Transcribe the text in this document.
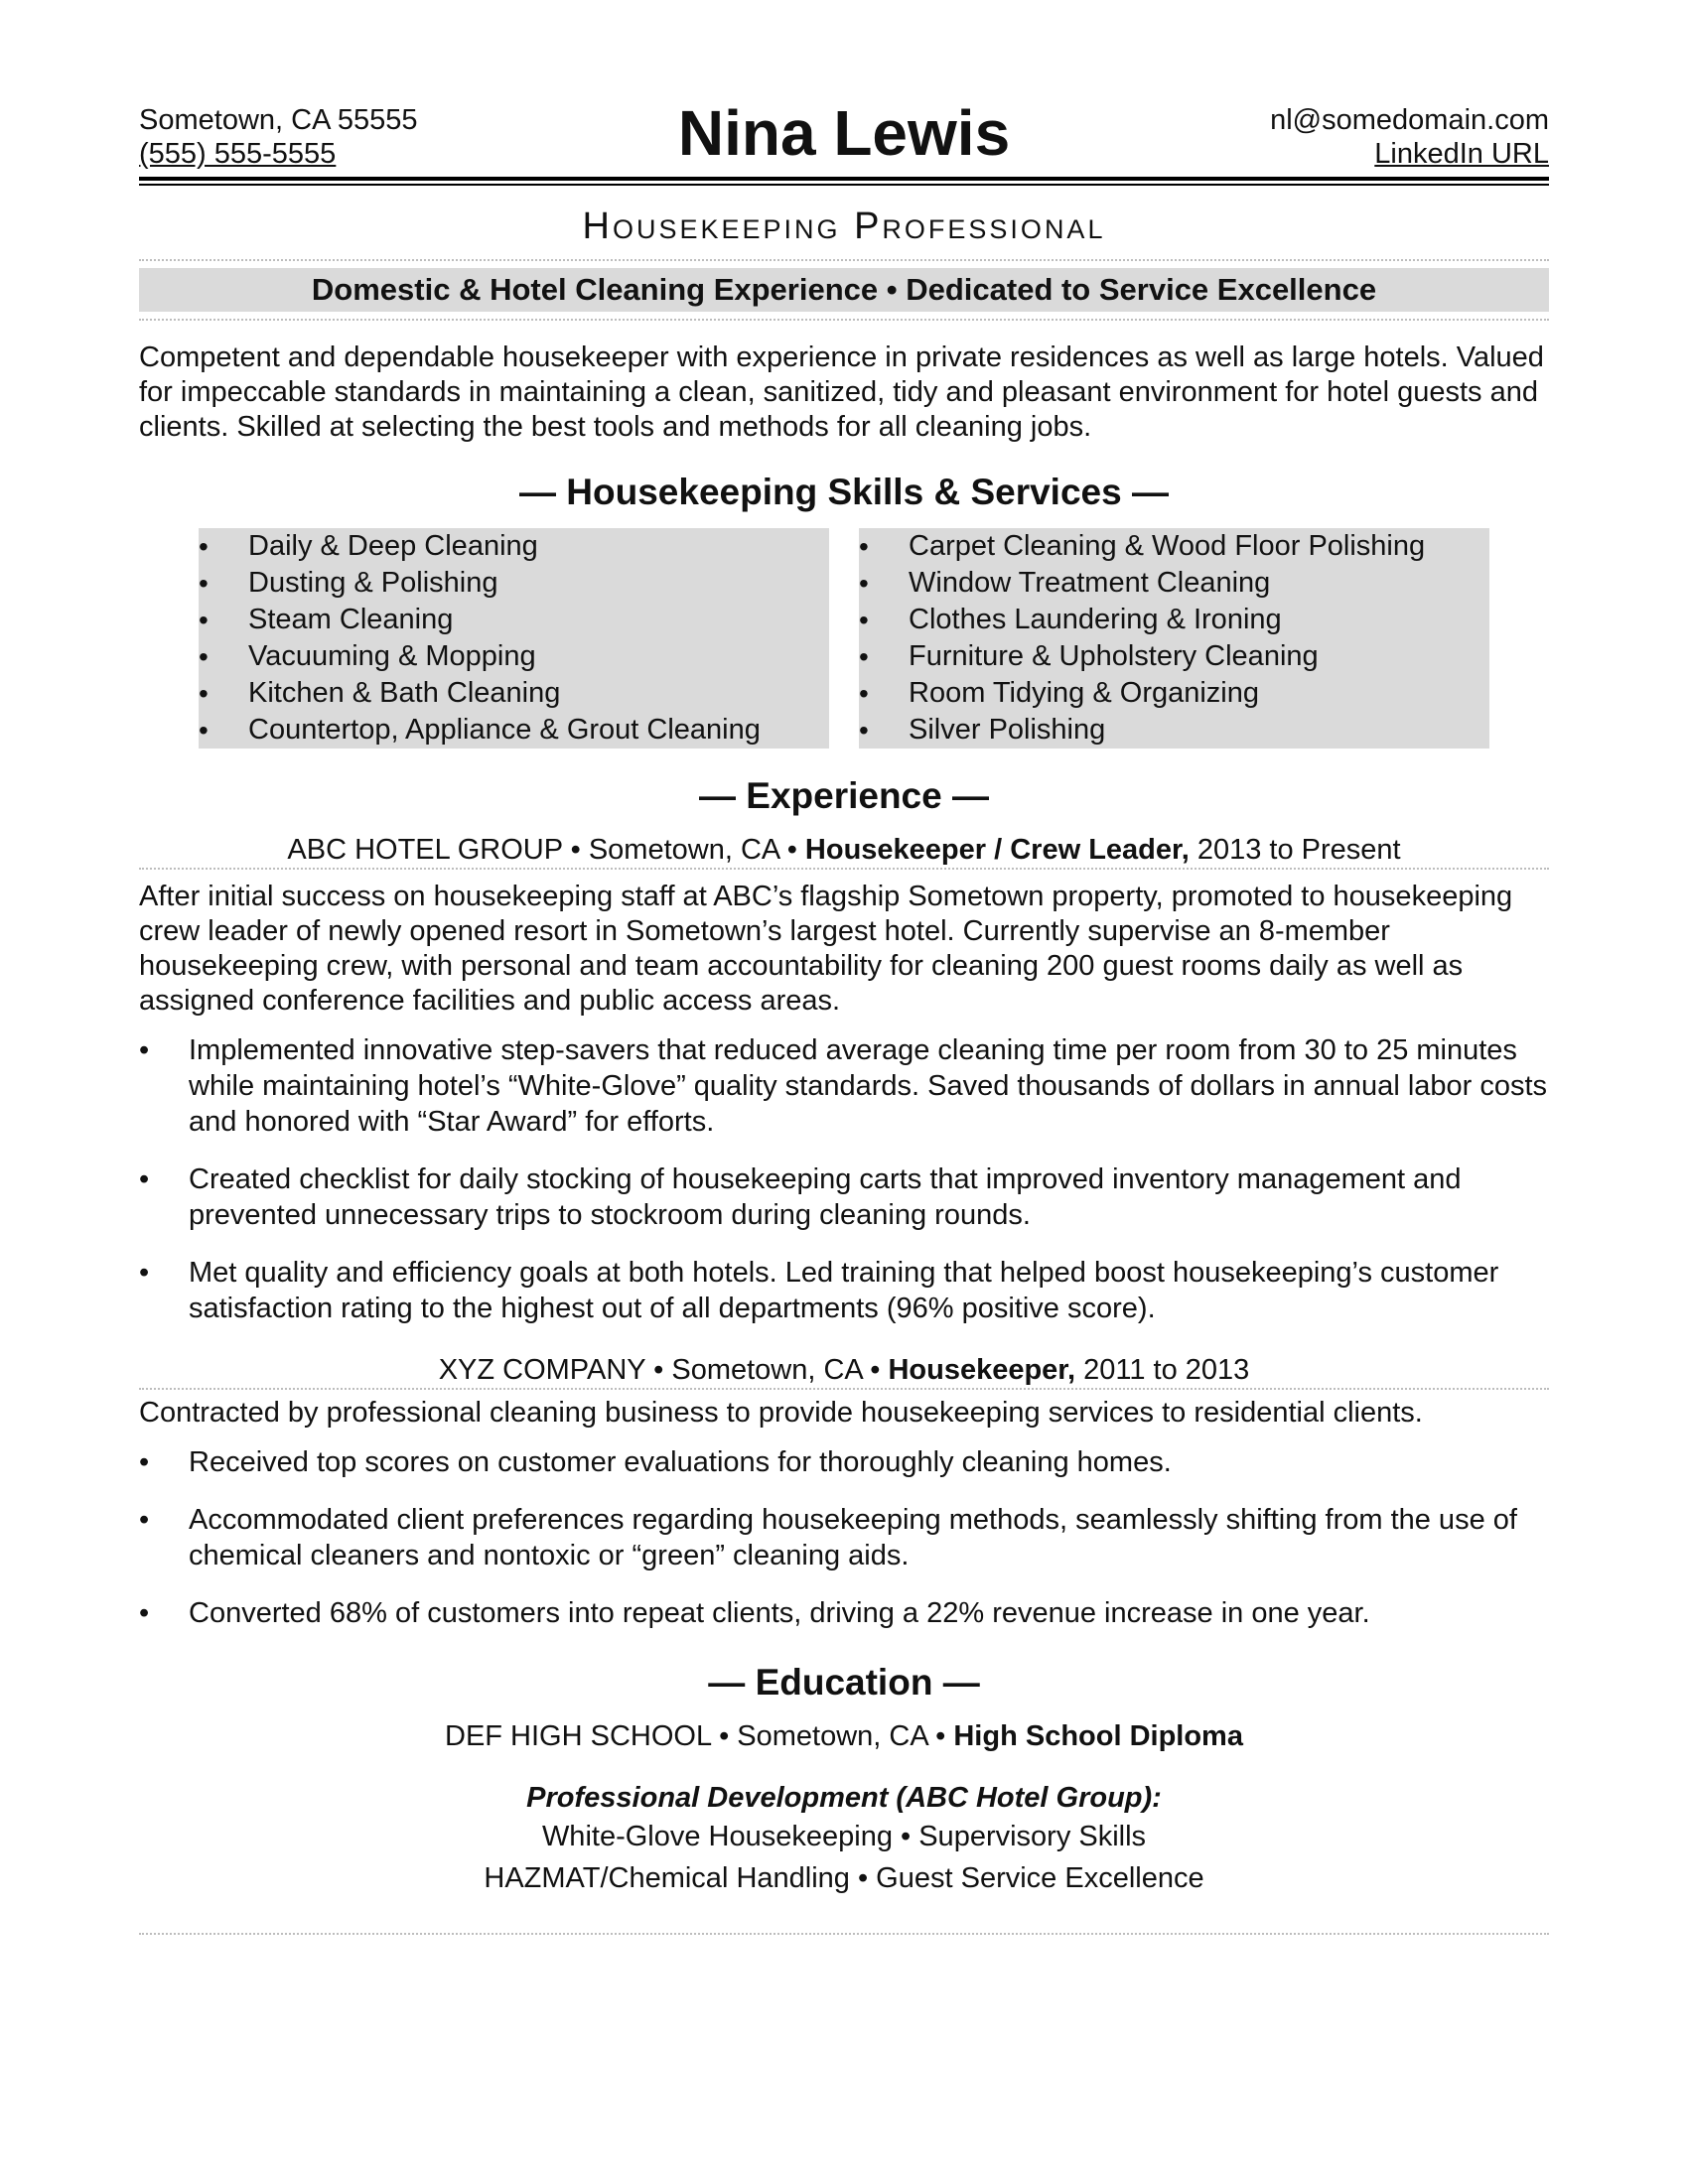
Sometown, CA 55555
(555) 555-5555	Nina Lewis	nl@somedomain.com
LinkedIn URL
Housekeeping Professional
Domestic & Hotel Cleaning Experience • Dedicated to Service Excellence
Competent and dependable housekeeper with experience in private residences as well as large hotels. Valued for impeccable standards in maintaining a clean, sanitized, tidy and pleasant environment for hotel guests and clients. Skilled at selecting the best tools and methods for all cleaning jobs.
— Housekeeping Skills & Services —
• Daily & Deep Cleaning
• Dusting & Polishing
• Steam Cleaning
• Vacuuming & Mopping
• Kitchen & Bath Cleaning
• Countertop, Appliance & Grout Cleaning
• Carpet Cleaning & Wood Floor Polishing
• Window Treatment Cleaning
• Clothes Laundering & Ironing
• Furniture & Upholstery Cleaning
• Room Tidying & Organizing
• Silver Polishing
— Experience —
ABC HOTEL GROUP • Sometown, CA • Housekeeper / Crew Leader, 2013 to Present
After initial success on housekeeping staff at ABC’s flagship Sometown property, promoted to housekeeping crew leader of newly opened resort in Sometown’s largest hotel. Currently supervise an 8-member housekeeping crew, with personal and team accountability for cleaning 200 guest rooms daily as well as assigned conference facilities and public access areas.
• Implemented innovative step-savers that reduced average cleaning time per room from 30 to 25 minutes while maintaining hotel’s “White-Glove” quality standards. Saved thousands of dollars in annual labor costs and honored with “Star Award” for efforts.
• Created checklist for daily stocking of housekeeping carts that improved inventory management and prevented unnecessary trips to stockroom during cleaning rounds.
• Met quality and efficiency goals at both hotels. Led training that helped boost housekeeping’s customer satisfaction rating to the highest out of all departments (96% positive score).
XYZ COMPANY • Sometown, CA • Housekeeper, 2011 to 2013
Contracted by professional cleaning business to provide housekeeping services to residential clients.
• Received top scores on customer evaluations for thoroughly cleaning homes.
• Accommodated client preferences regarding housekeeping methods, seamlessly shifting from the use of chemical cleaners and nontoxic or “green” cleaning aids.
• Converted 68% of customers into repeat clients, driving a 22% revenue increase in one year.
— Education —
DEF HIGH SCHOOL • Sometown, CA • High School Diploma
Professional Development (ABC Hotel Group):
White-Glove Housekeeping • Supervisory Skills
HAZMAT/Chemical Handling • Guest Service Excellence
